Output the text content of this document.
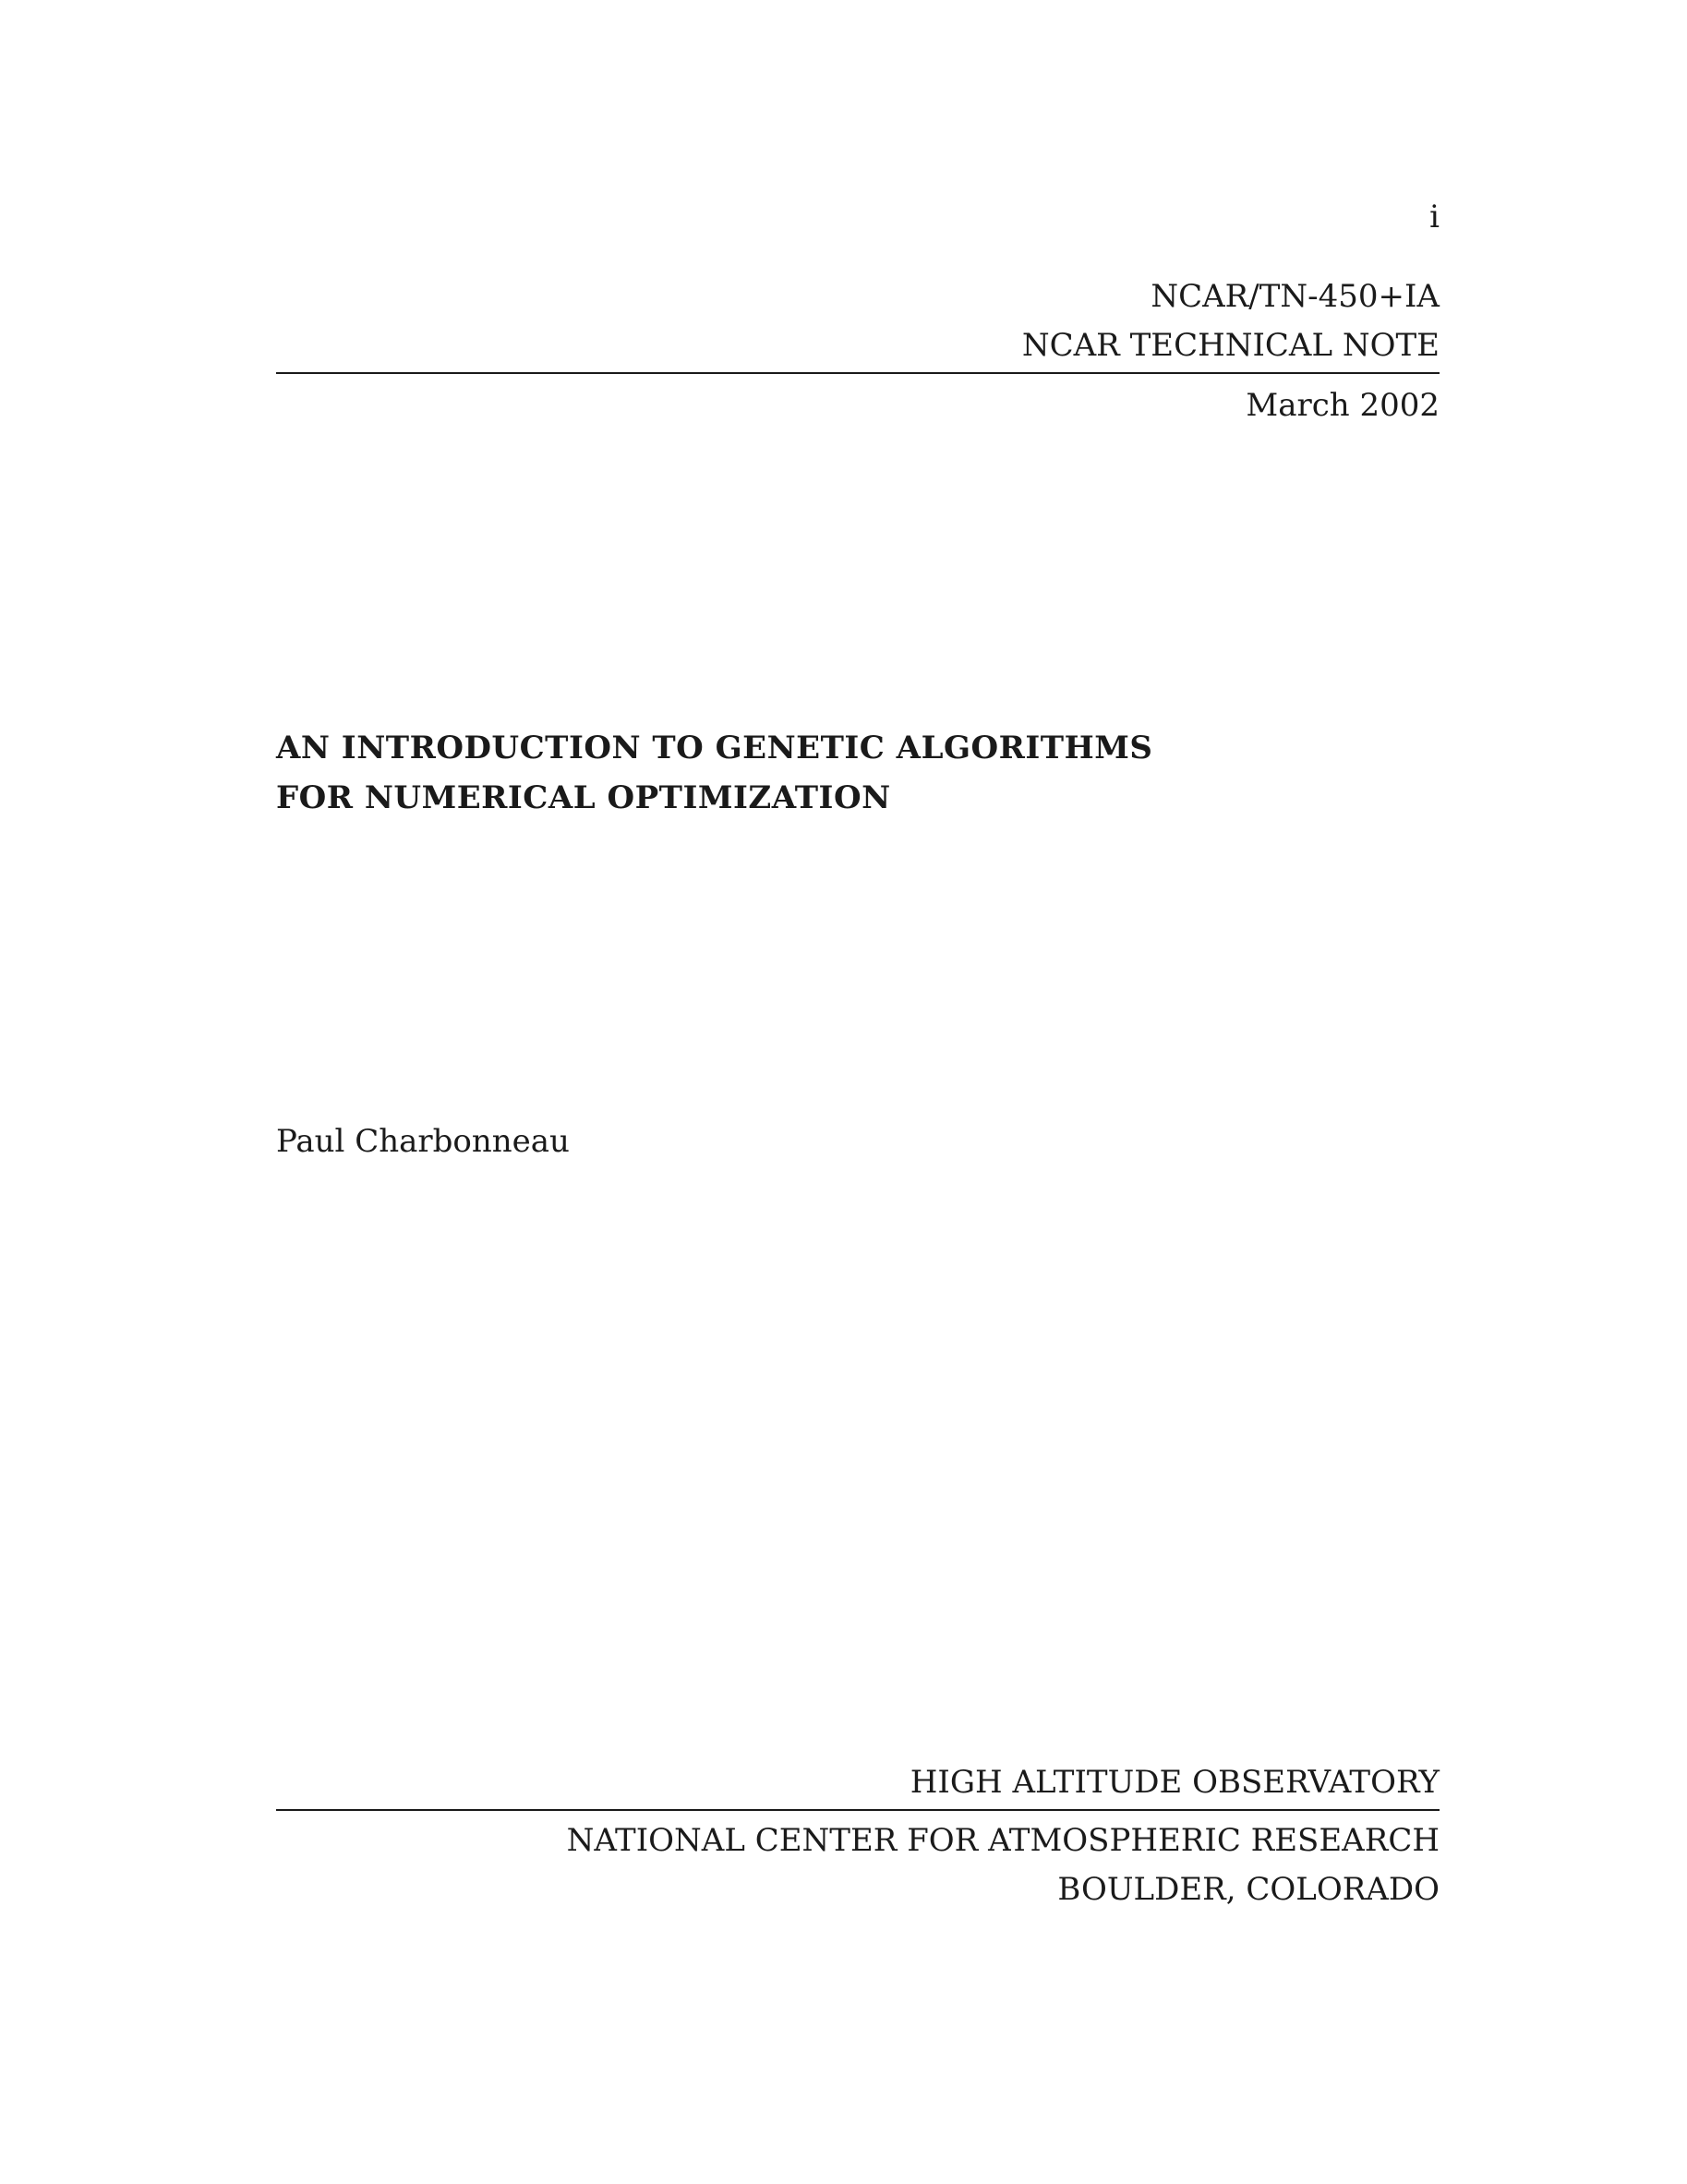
i
NCAR/TN-450+IA
NCAR TECHNICAL NOTE
March 2002
AN INTRODUCTION TO GENETIC ALGORITHMS
FOR NUMERICAL OPTIMIZATION
Paul Charbonneau
HIGH ALTITUDE OBSERVATORY
NATIONAL CENTER FOR ATMOSPHERIC RESEARCH
BOULDER, COLORADO
